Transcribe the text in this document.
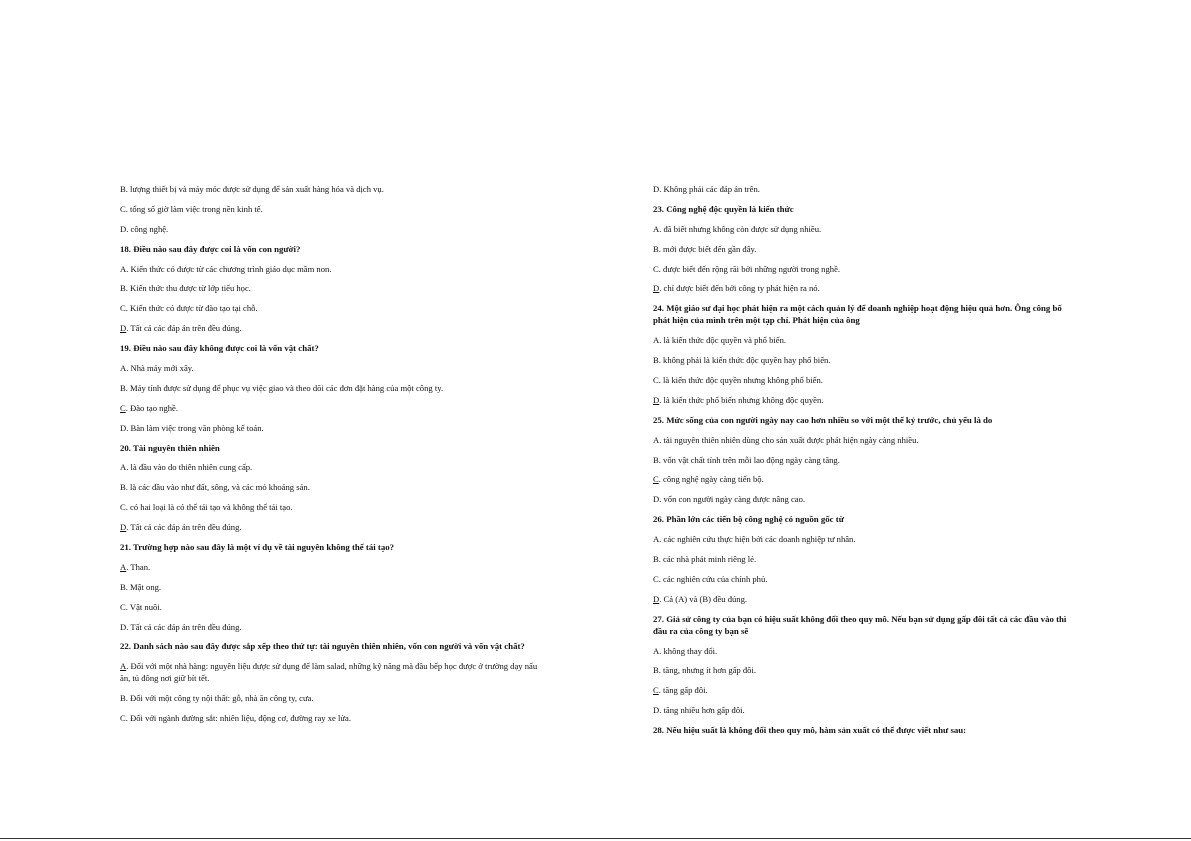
B. lượng thiết bị và máy móc được sử dụng để sản xuất hàng hóa và dịch vụ.
C. tổng số giờ làm việc trong nền kinh tế.
D. công nghệ.
18. Điều nào sau đây được coi là vốn con người?
A. Kiến thức có được từ các chương trình giáo dục mầm non.
B. Kiến thức thu được từ lớp tiểu học.
C. Kiến thức có được từ đào tạo tại chỗ.
D. Tất cả các đáp án trên đều đúng.
19. Điều nào sau đây không được coi là vốn vật chất?
A. Nhà máy mới xây.
B. Máy tính được sử dụng để phục vụ việc giao và theo dõi các đơn đặt hàng của một công ty.
C. Đào tạo nghề.
D. Bàn làm việc trong văn phòng kế toán.
20. Tài nguyên thiên nhiên
A. là đầu vào do thiên nhiên cung cấp.
B. là các đầu vào như đất, sông, và các mỏ khoáng sản.
C. có hai loại là có thể tái tạo và không thể tái tạo.
D. Tất cả các đáp án trên đều đúng.
21. Trường hợp nào sau đây là một ví dụ về tài nguyên không thể tái tạo?
A. Than.
B. Mật ong.
C. Vật nuôi.
D. Tất cả các đáp án trên đều đúng.
22. Danh sách nào sau đây được sắp xếp theo thứ tự: tài nguyên thiên nhiên, vốn con người và vốn vật chất?
A. Đối với một nhà hàng: nguyên liệu được sử dụng để làm salad, những kỹ năng mà đầu bếp học được ở trường dạy nấu ăn, tủ đông nơi giữ bít tết.
B. Đối với một công ty nội thất: gỗ, nhà ăn công ty, cưa.
C. Đối với ngành đường sắt: nhiên liệu, động cơ, đường ray xe lửa.
D. Không phải các đáp án trên.
23. Công nghệ độc quyền là kiến thức
A. đã biết nhưng không còn được sử dụng nhiều.
B. mới được biết đến gần đây.
C. được biết đến rộng rãi bởi những người trong nghề.
D. chỉ được biết đến bởi công ty phát hiện ra nó.
24. Một giáo sư đại học phát hiện ra một cách quản lý để doanh nghiệp hoạt động hiệu quả hơn. Ông công bố phát hiện của mình trên một tạp chí. Phát hiện của ông
A. là kiến thức độc quyền và phổ biến.
B. không phải là kiến thức độc quyền hay phổ biến.
C. là kiến thức độc quyền nhưng không phổ biến.
D. là kiến thức phổ biến nhưng không độc quyền.
25. Mức sống của con người ngày nay cao hơn nhiều so với một thế kỷ trước, chủ yếu là do
A. tài nguyên thiên nhiên dùng cho sản xuất được phát hiện ngày càng nhiều.
B. vốn vật chất tính trên mỗi lao động ngày càng tăng.
C. công nghệ ngày càng tiến bộ.
D. vốn con người ngày càng được nâng cao.
26. Phần lớn các tiến bộ công nghệ có nguồn gốc từ
A. các nghiên cứu thực hiện bởi các doanh nghiệp tư nhân.
B. các nhà phát minh riêng lẻ.
C. các nghiên cứu của chính phủ.
D. Cả (A) và (B) đều đúng.
27. Giả sử công ty của bạn có hiệu suất không đổi theo quy mô. Nếu bạn sử dụng gấp đôi tất cả các đầu vào thì đầu ra của công ty bạn sẽ
A. không thay đổi.
B. tăng, nhưng ít hơn gấp đôi.
C. tăng gấp đôi.
D. tăng nhiều hơn gấp đôi.
28. Nếu hiệu suất là không đổi theo quy mô, hàm sản xuất có thể được viết như sau:
